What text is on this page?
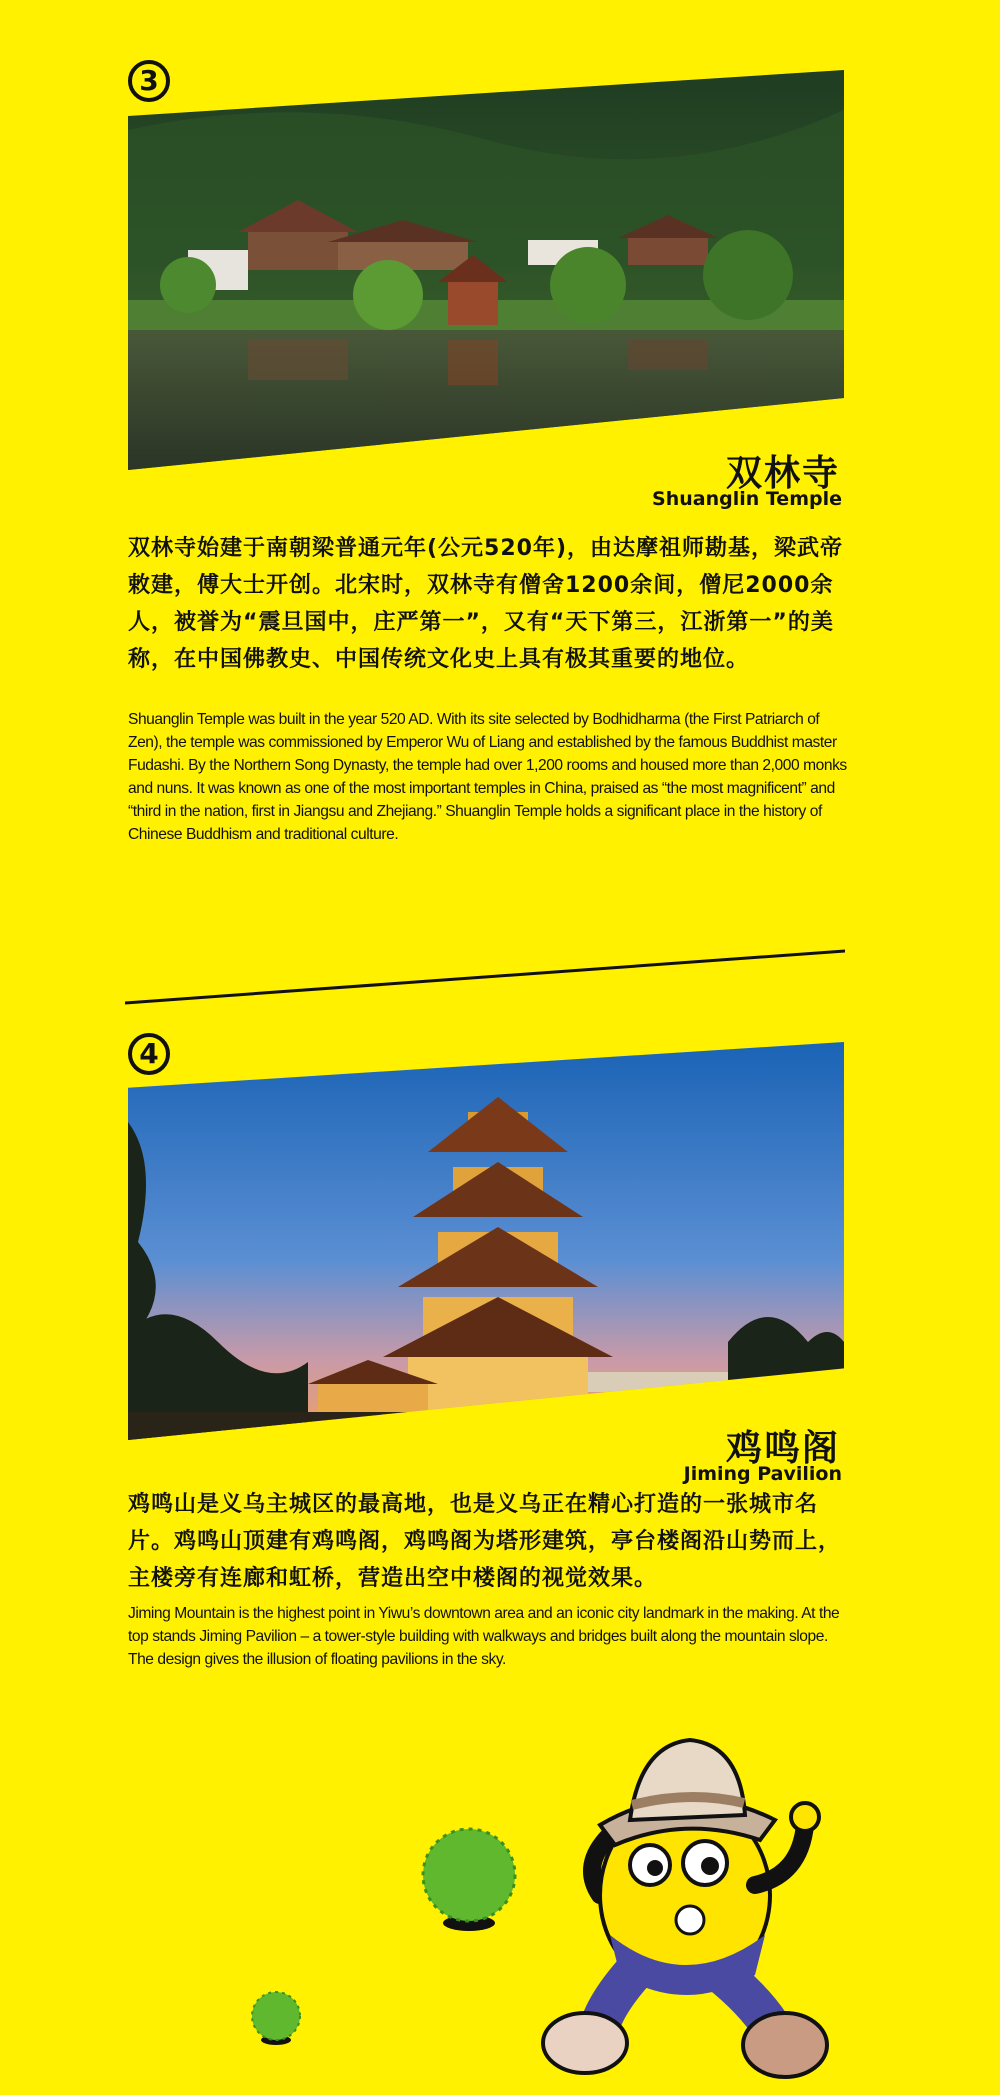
3
双林寺
Shuanglin Temple
双林寺始建于南朝梁普通元年(公元520年)，由达摩祖师勘基，梁武帝敕建，傅大士开创。北宋时，双林寺有僧舍1200余间，僧尼2000余人，被誉为“震旦国中，庄严第一”，又有“天下第三，江浙第一”的美称，在中国佛教史、中国传统文化史上具有极其重要的地位。
Shuanglin Temple was built in the year 520 AD. With its site selected by Bodhidharma (the First Patriarch of Zen), the temple was commissioned by Emperor Wu of Liang and established by the famous Buddhist master Fudashi. By the Northern Song Dynasty, the temple had over 1,200 rooms and housed more than 2,000 monks and nuns. It was known as one of the most important temples in China, praised as “the most magnificent” and “third in the nation, first in Jiangsu and Zhejiang.” Shuanglin Temple holds a significant place in the history of Chinese Buddhism and traditional culture.
4
鸡鸣阁
Jiming Pavilion
鸡鸣山是义乌主城区的最高地，也是义乌正在精心打造的一张城市名片。鸡鸣山顶建有鸡鸣阁，鸡鸣阁为塔形建筑，亭台楼阁沿山势而上，主楼旁有连廊和虹桥，营造出空中楼阁的视觉效果。
Jiming Mountain is the highest point in Yiwu’s downtown area and an iconic city landmark in the making. At the top stands Jiming Pavilion – a tower-style building with walkways and bridges built along the mountain slope. The design gives the illusion of floating pavilions in the sky.
